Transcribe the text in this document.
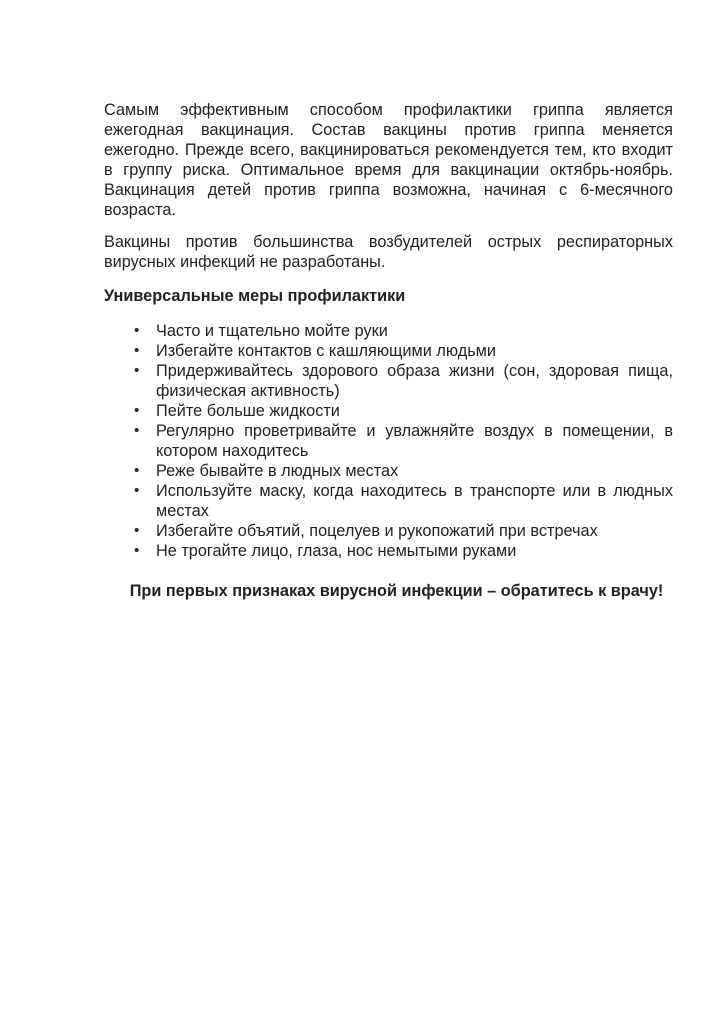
Самым эффективным способом профилактики гриппа является ежегодная вакцинация. Состав вакцины против гриппа меняется ежегодно. Прежде всего, вакцинироваться рекомендуется тем, кто входит в группу риска. Оптимальное время для вакцинации октябрь-ноябрь. Вакцинация детей против гриппа возможна, начиная с 6-месячного возраста.

Вакцины против большинства возбудителей острых респираторных вирусных инфекций не разработаны.

Универсальные меры профилактики

• Часто и тщательно мойте руки
• Избегайте контактов с кашляющими людьми
• Придерживайтесь здорового образа жизни (сон, здоровая пища, физическая активность)
• Пейте больше жидкости
• Регулярно проветривайте и увлажняйте воздух в помещении, в котором находитесь
• Реже бывайте в людных местах
• Используйте маску, когда находитесь в транспорте или в людных местах
• Избегайте объятий, поцелуев и рукопожатий при встречах
• Не трогайте лицо, глаза, нос немытыми руками

При первых признаках вирусной инфекции – обратитесь к врачу!
